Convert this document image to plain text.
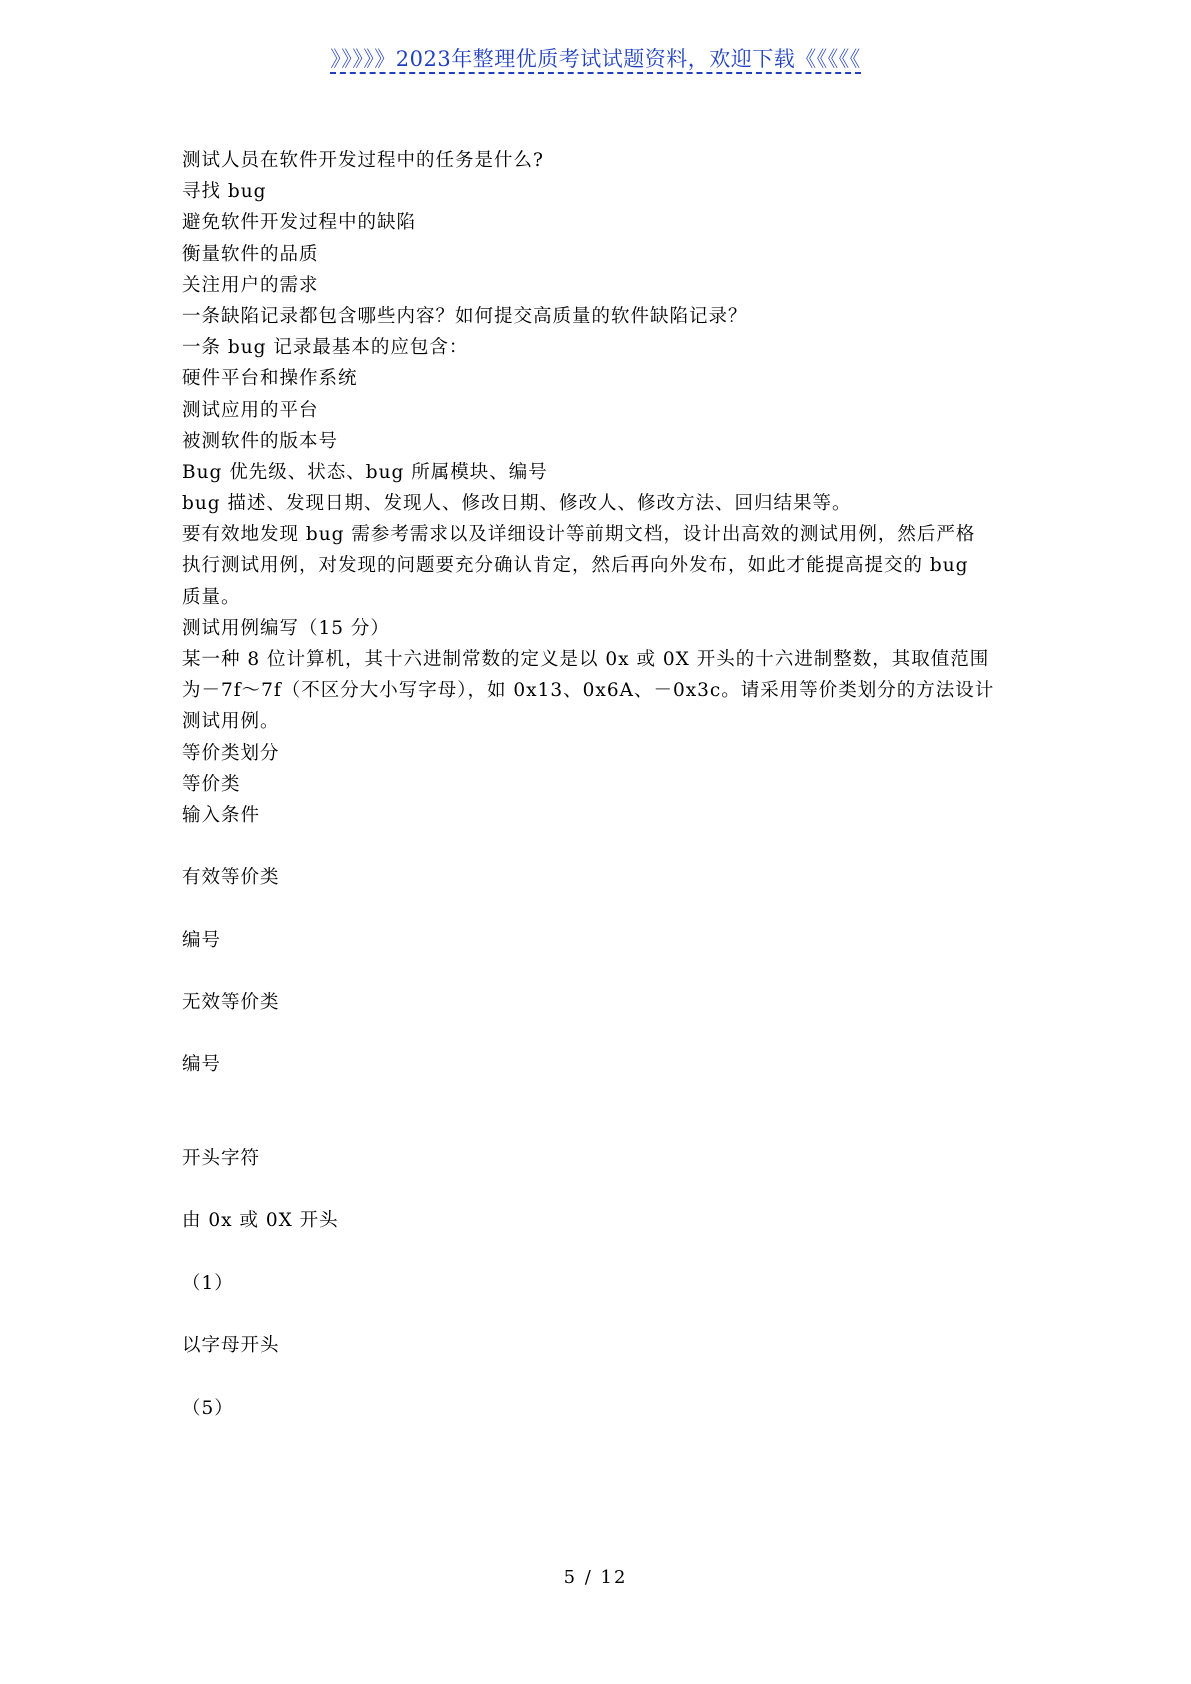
》》》》》2023年整理优质考试试题资料，欢迎下载《《《《《
测试人员在软件开发过程中的任务是什么?
寻找 bug
避免软件开发过程中的缺陷
衡量软件的品质
关注用户的需求
一条缺陷记录都包含哪些内容？如何提交高质量的软件缺陷记录？
一条 bug 记录最基本的应包含：
硬件平台和操作系统
测试应用的平台
被测软件的版本号
Bug 优先级、状态、bug 所属模块、编号
bug 描述、发现日期、发现人、修改日期、修改人、修改方法、回归结果等。
要有效地发现 bug 需参考需求以及详细设计等前期文档，设计出高效的测试用例，然后严格
执行测试用例，对发现的问题要充分确认肯定，然后再向外发布，如此才能提高提交的 bug
质量。
测试用例编写（15 分）
某一种 8 位计算机，其十六进制常数的定义是以 0x 或 0X 开头的十六进制整数，其取值范围
为－7f～7f（不区分大小写字母），如 0x13、0x6A、－0x3c。请采用等价类划分的方法设计
测试用例。
等价类划分
等价类
输入条件
有效等价类
编号
无效等价类
编号
开头字符
由 0x 或 0X 开头
（1）
以字母开头
（5）
5 / 12
